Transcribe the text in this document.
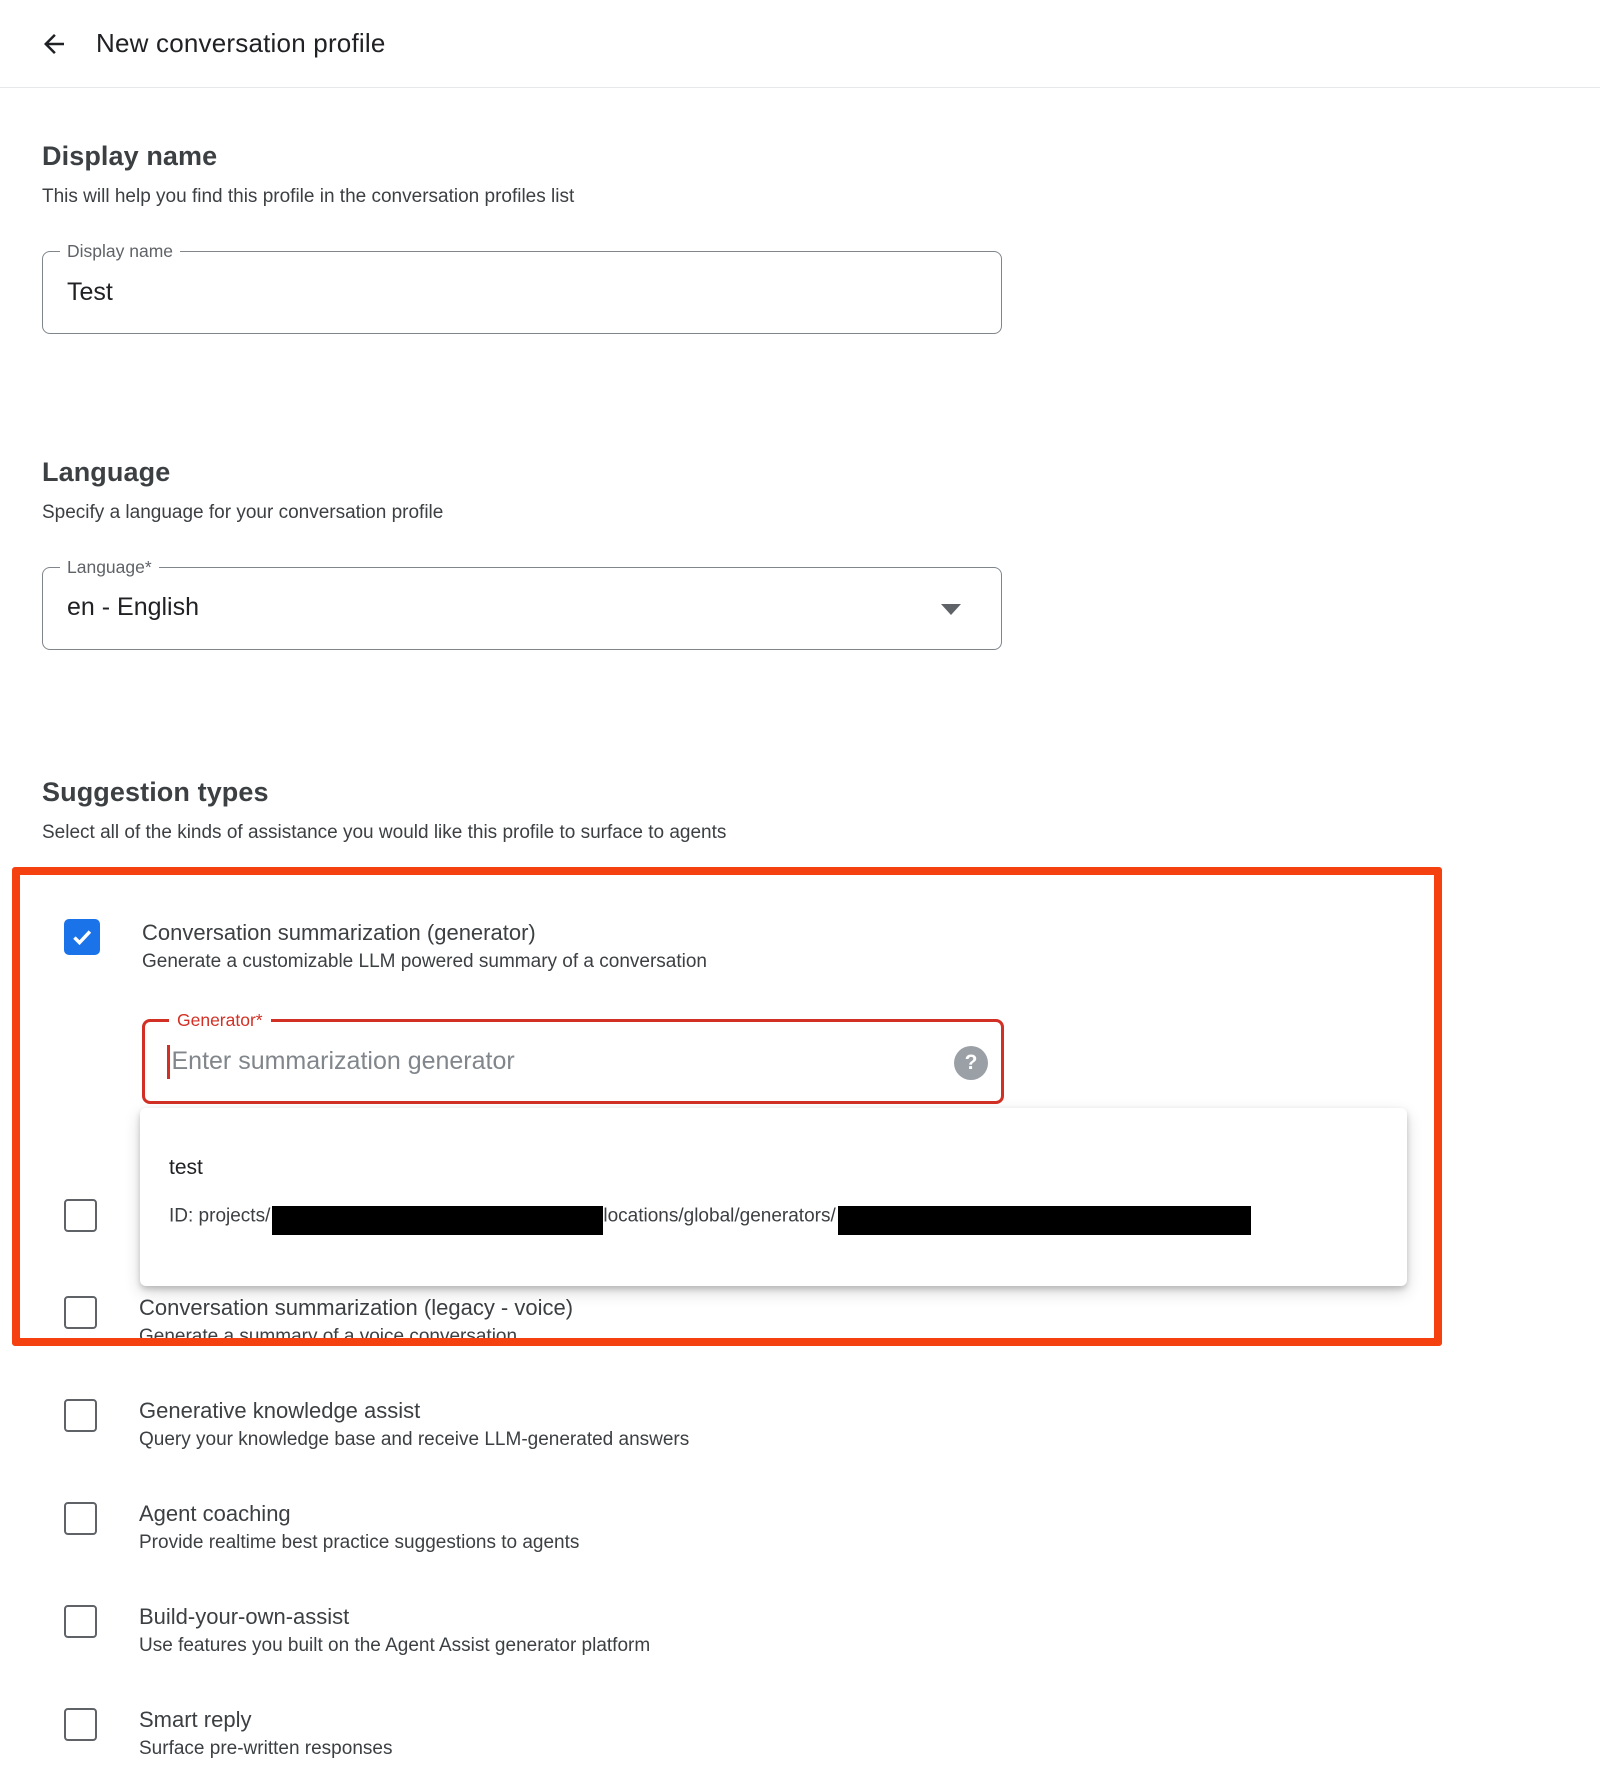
New conversation profile
Display name

This will help you find this profile in the conversation profiles list

Display name
Test
Language

Specify a language for your conversation profile

Language*
en - English
Suggestion types

Select all of the kinds of assistance you would like this profile to surface to agents

Conversation summarization (generator)
Generate a customizable LLM powered summary of a conversation
Generator*
Enter summarization generator	?
test
ID: projects/	locations/global/generators/
Conversation summarization (legacy - voice)
Generate a summary of a voice conversation
Generative knowledge assist
Query your knowledge base and receive LLM-generated answers
Agent coaching
Provide realtime best practice suggestions to agents
Build-your-own-assist
Use features you built on the Agent Assist generator platform
Smart reply
Surface pre-written responses
